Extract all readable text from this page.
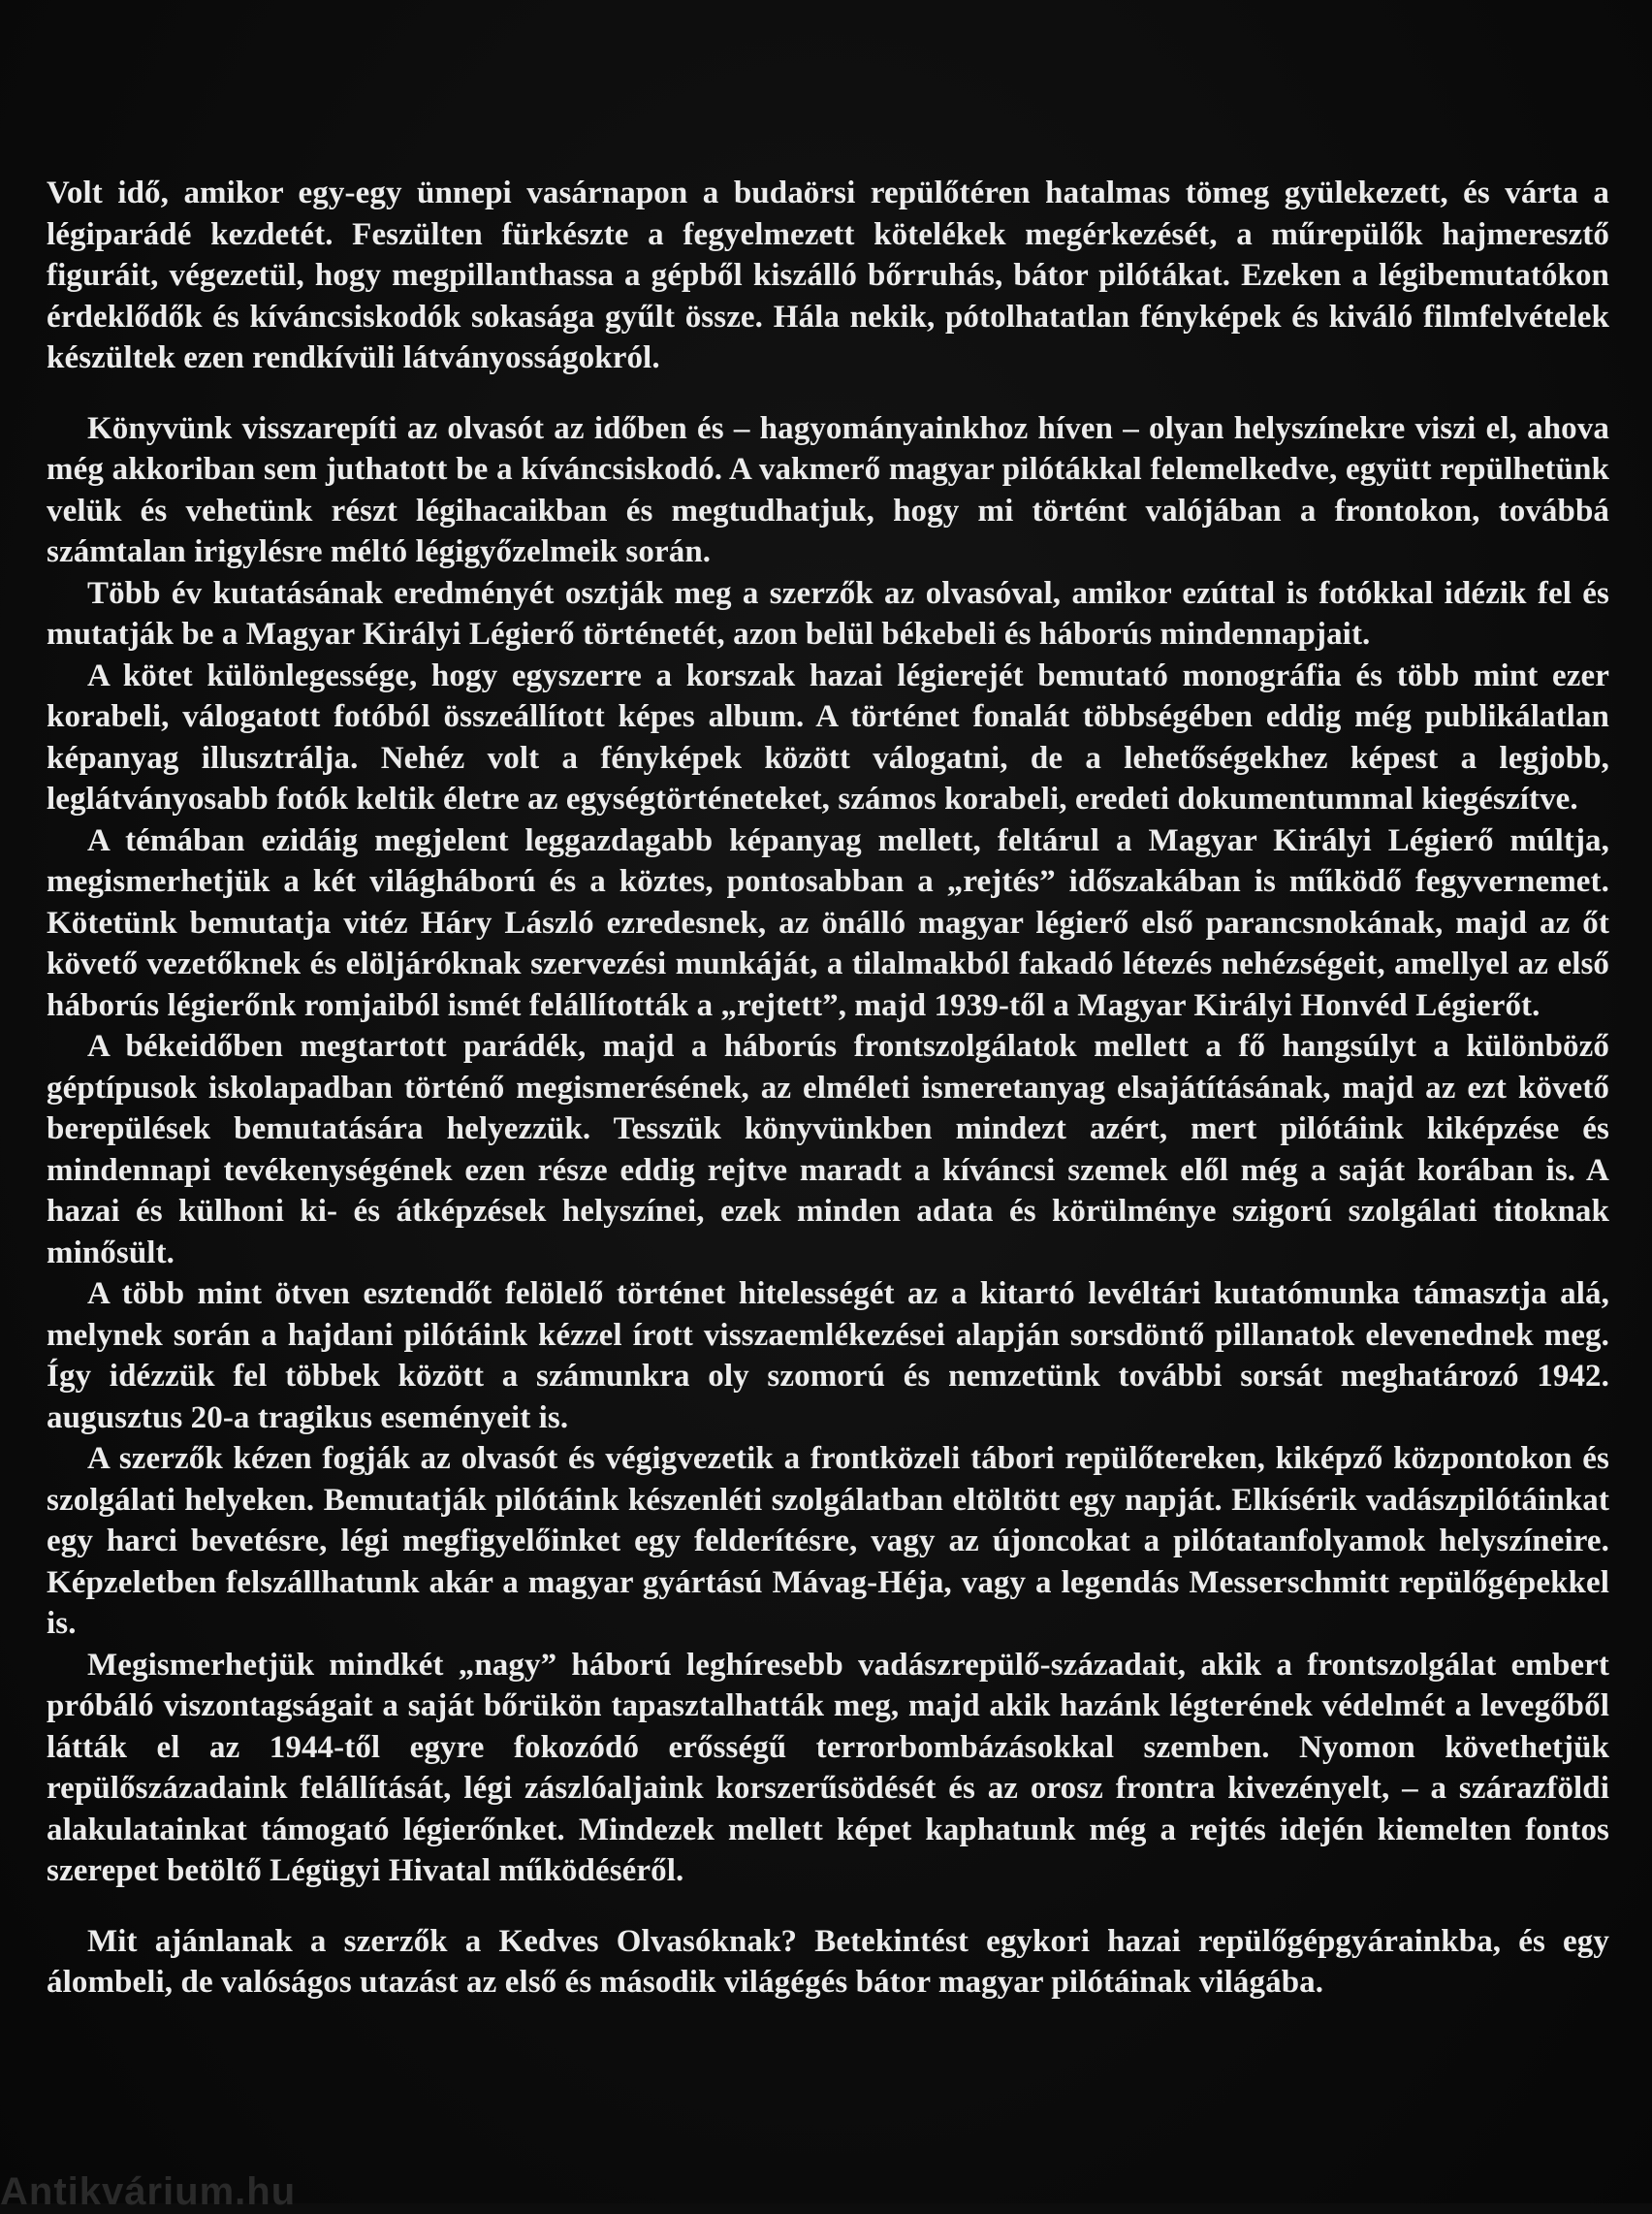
Volt idő, amikor egy-egy ünnepi vasárnapon a budaörsi repülőtéren hatalmas tömeg gyülekezett, és várta a légiparádé kezdetét. Feszülten fürkészte a fegyelmezett kötelékek megérkezését, a műrepülők hajmeresztő figuráit, végezetül, hogy megpillanthassa a gépből kiszálló bőrruhás, bátor pilótákat. Ezeken a légibemutatókon érdeklődők és kíváncsiskodók sokasága gyűlt össze. Hála nekik, pótolhatatlan fényképek és kiváló filmfelvételek készültek ezen rendkívüli látványosságokról.

Könyvünk visszarepíti az olvasót az időben és – hagyományainkhoz híven – olyan helyszínekre viszi el, ahova még akkoriban sem juthatott be a kíváncsiskodó. A vakmerő magyar pilótákkal felemelkedve, együtt repülhetünk velük és vehetünk részt légihacaikban és megtudhatjuk, hogy mi történt valójában a frontokon, továbbá számtalan irigylésre méltó légigyőzelmeik során.

Több év kutatásának eredményét osztják meg a szerzők az olvasóval, amikor ezúttal is fotókkal idézik fel és mutatják be a Magyar Királyi Légierő történetét, azon belül békebeli és háborús mindennapjait.

A kötet különlegessége, hogy egyszerre a korszak hazai légierejét bemutató monográfia és több mint ezer korabeli, válogatott fotóból összeállított képes album. A történet fonalát többségében eddig még publikálatlan képanyag illusztrálja. Nehéz volt a fényképek között válogatni, de a lehetőségekhez képest a legjobb, leglátványosabb fotók keltik életre az egységtörténeteket, számos korabeli, eredeti dokumentummal kiegészítve.

A témában ezidáig megjelent leggazdagabb képanyag mellett, feltárul a Magyar Királyi Légierő múltja, megismerhetjük a két világháború és a köztes, pontosabban a „rejtés” időszakában is működő fegyvernemet. Kötetünk bemutatja vitéz Háry László ezredesnek, az önálló magyar légierő első parancsnokának, majd az őt követő vezetőknek és elöljáróknak szervezési munkáját, a tilalmakból fakadó létezés nehézségeit, amellyel az első háborús légierőnk romjaiból ismét felállították a „rejtett”, majd 1939-től a Magyar Királyi Honvéd Légierőt.

A békeidőben megtartott parádék, majd a háborús frontszolgálatok mellett a fő hangsúlyt a különböző géptípusok iskolapadban történő megismerésének, az elméleti ismeretanyag elsajátításának, majd az ezt követő berepülések bemutatására helyezzük. Tesszük könyvünkben mindezt azért, mert pilótáink kiképzése és mindennapi tevékenységének ezen része eddig rejtve maradt a kíváncsi szemek elől még a saját korában is. A hazai és külhoni ki- és átképzések helyszínei, ezek minden adata és körülménye szigorú szolgálati titoknak minősült.

A több mint ötven esztendőt felölelő történet hitelességét az a kitartó levéltári kutatómunka támasztja alá, melynek során a hajdani pilótáink kézzel írott visszaemlékezései alapján sorsdöntő pillanatok elevenednek meg. Így idézzük fel többek között a számunkra oly szomorú és nemzetünk további sorsát meghatározó 1942. augusztus 20-a tragikus eseményeit is.

A szerzők kézen fogják az olvasót és végigvezetik a frontközeli tábori repülőtereken, kiképző központokon és szolgálati helyeken. Bemutatják pilótáink készenléti szolgálatban eltöltött egy napját. Elkísérik vadászpilótáinkat egy harci bevetésre, légi megfigyelőinket egy felderítésre, vagy az újoncokat a pilótatanfolyamok helyszíneire. Képzeletben felszállhatunk akár a magyar gyártású Mávag-Héja, vagy a legendás Messerschmitt repülőgépekkel is.

Megismerhetjük mindkét „nagy” háború leghíresebb vadászrepülő-századait, akik a frontszolgálat embert próbáló viszontagságait a saját bőrükön tapasztalhatták meg, majd akik hazánk légterének védelmét a levegőből látták el az 1944-től egyre fokozódó erősségű terrorbombázásokkal szemben. Nyomon követhetjük repülőszázadaink felállítását, légi zászlóaljaink korszerűsödését és az orosz frontra kivezényelt, – a szárazföldi alakulatainkat támogató légierőnket. Mindezek mellett képet kaphatunk még a rejtés idején kiemelten fontos szerepet betöltő Légügyi Hivatal működéséről.

Mit ajánlanak a szerzők a Kedves Olvasóknak? Betekintést egykori hazai repülőgépgyárainkba, és egy álombeli, de valóságos utazást az első és második világégés bátor magyar pilótáinak világába.

Antikvárium.hu
